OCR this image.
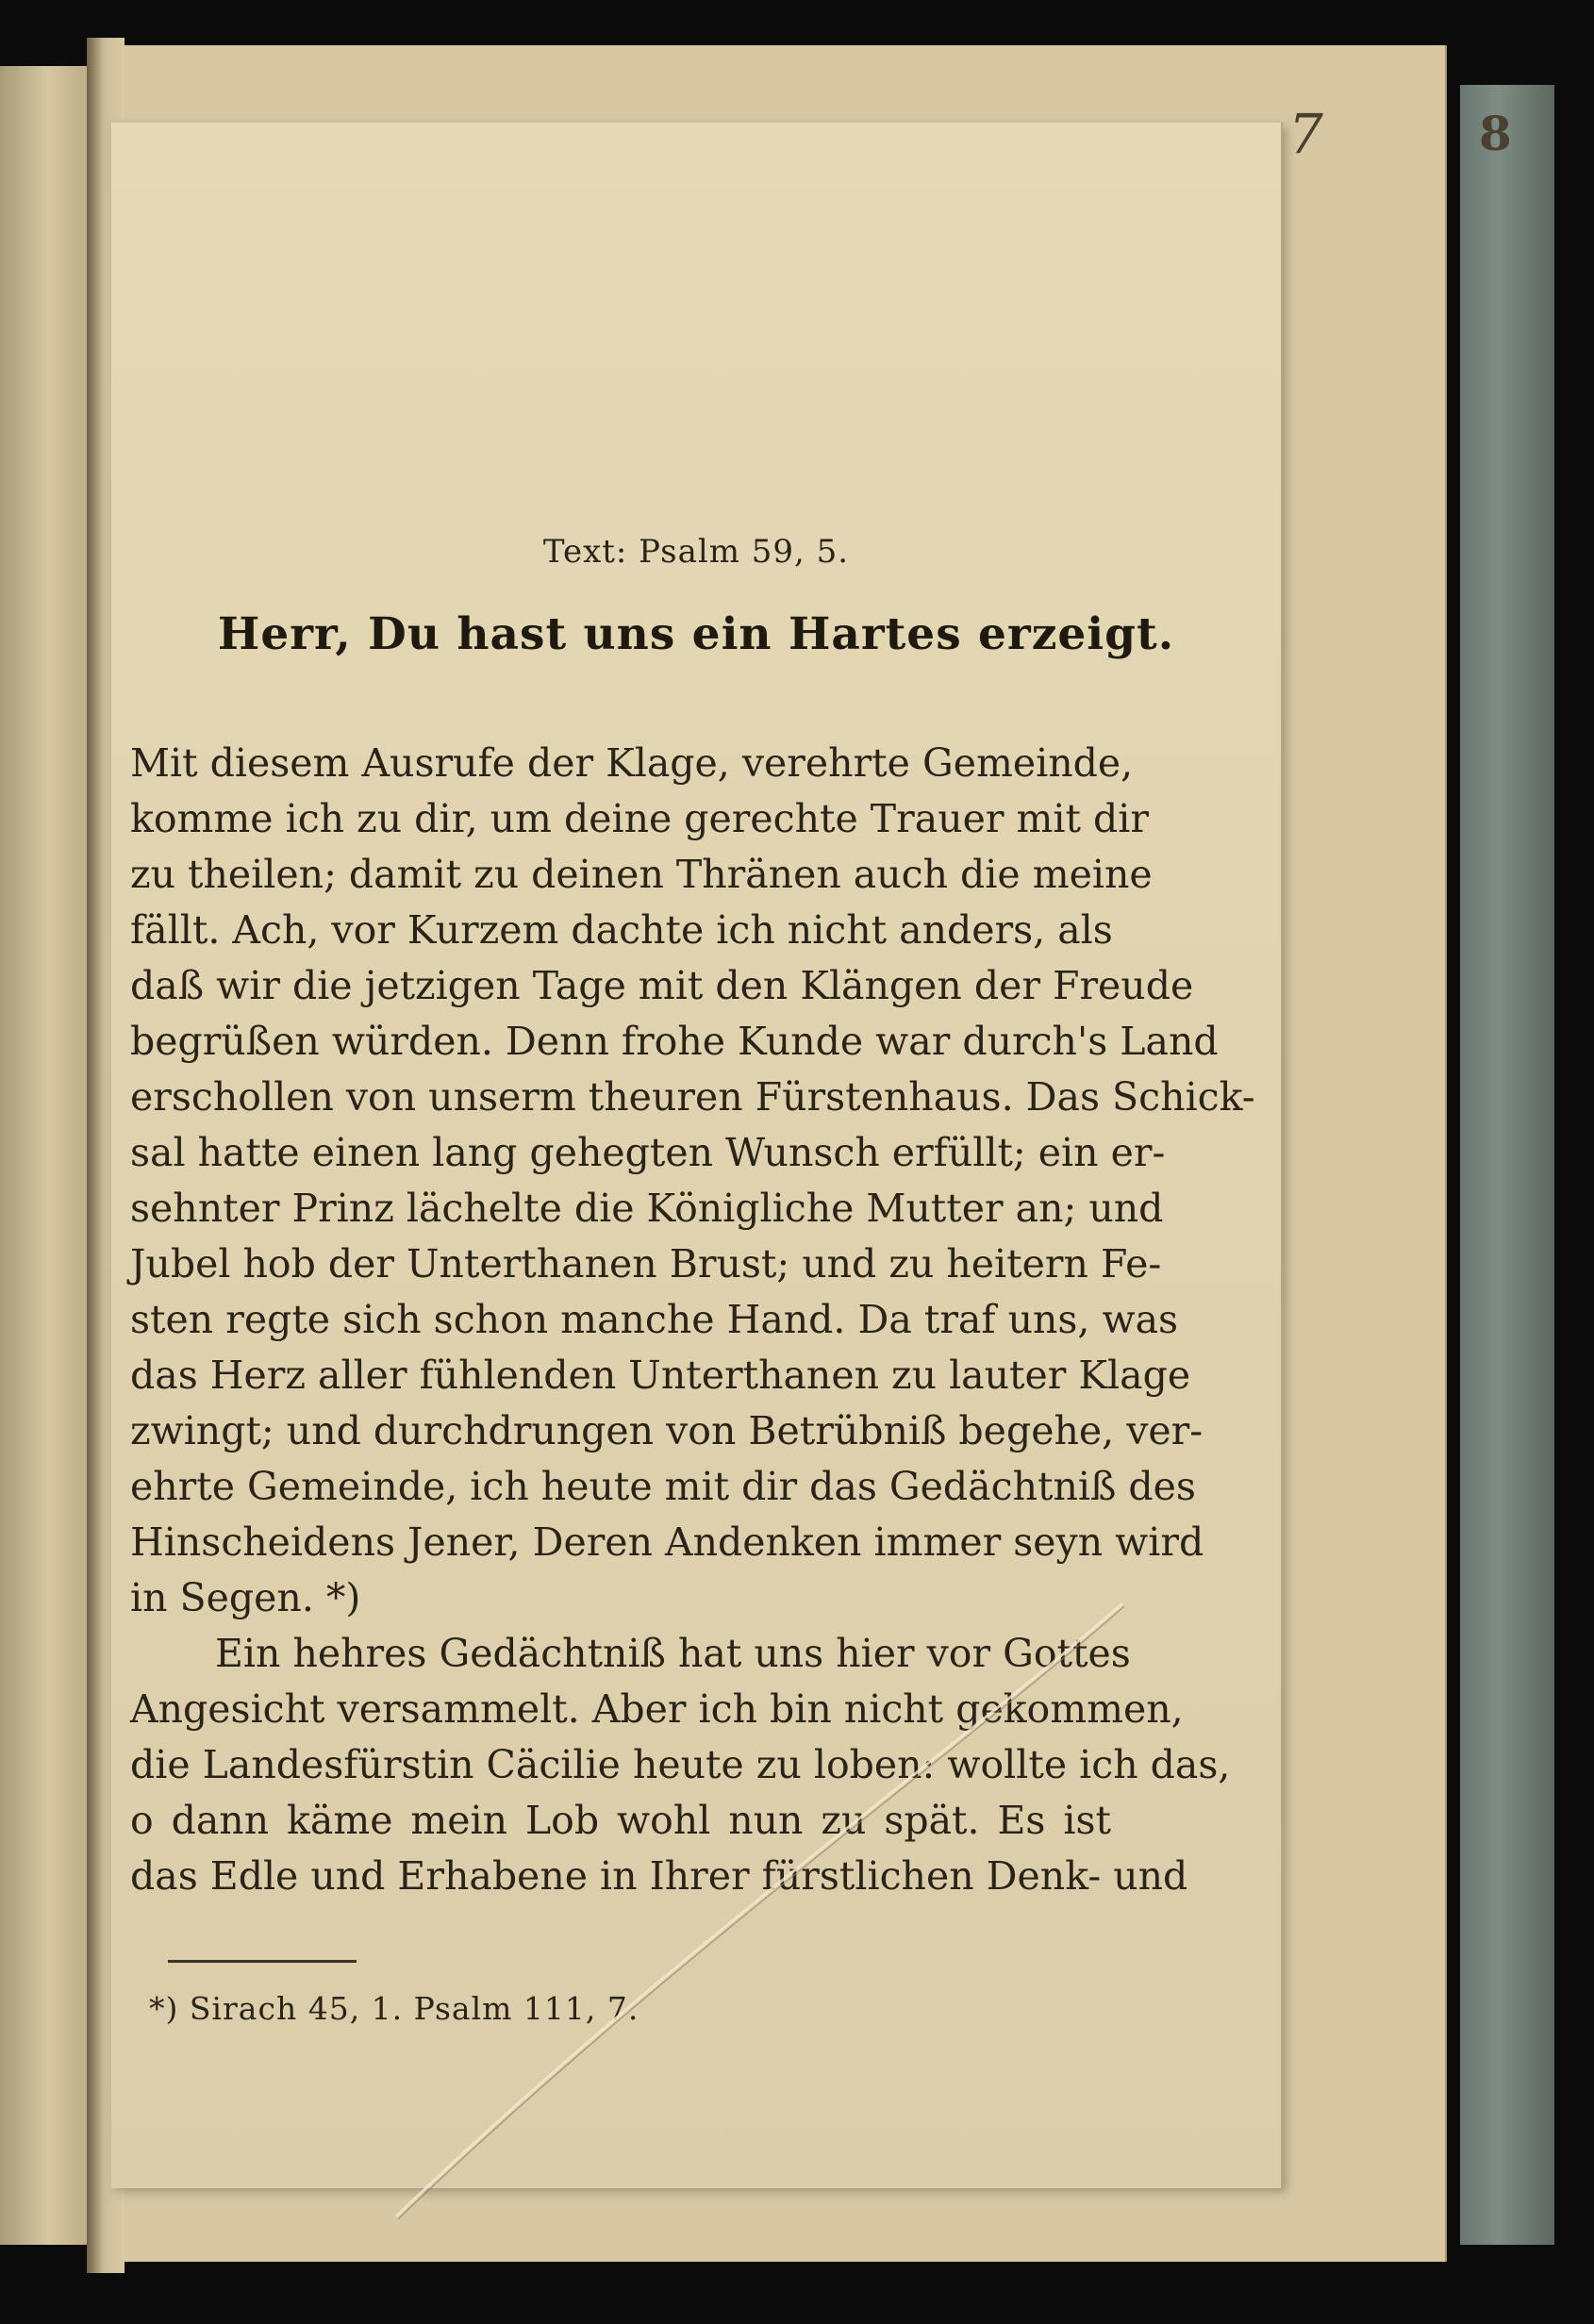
7	8
Text: Psalm 59, 5.
Herr, Du hast uns ein Hartes erzeigt.
Mit diesem Ausrufe der Klage, verehrte Gemeinde,
komme ich zu dir, um deine gerechte Trauer mit dir
zu theilen; damit zu deinen Thränen auch die meine
fällt. Ach, vor Kurzem dachte ich nicht anders, als
daß wir die jetzigen Tage mit den Klängen der Freude
begrüßen würden. Denn frohe Kunde war durch's Land
erschollen von unserm theuren Fürstenhaus. Das Schick-
sal hatte einen lang gehegten Wunsch erfüllt; ein er-
sehnter Prinz lächelte die Königliche Mutter an; und
Jubel hob der Unterthanen Brust; und zu heitern Fe-
sten regte sich schon manche Hand. Da traf uns, was
das Herz aller fühlenden Unterthanen zu lauter Klage
zwingt; und durchdrungen von Betrübniß begehe, ver-
ehrte Gemeinde, ich heute mit dir das Gedächtniß des
Hinscheidens Jener, Deren Andenken immer seyn wird
in Segen. *)
Ein hehres Gedächtniß hat uns hier vor Gottes
Angesicht versammelt. Aber ich bin nicht gekommen,
die Landesfürstin Cäcilie heute zu loben: wollte ich das,
o dann käme mein Lob wohl nun zu spät. Es ist
das Edle und Erhabene in Ihrer fürstlichen Denk- und
*) Sirach 45, 1. Psalm 111, 7.
